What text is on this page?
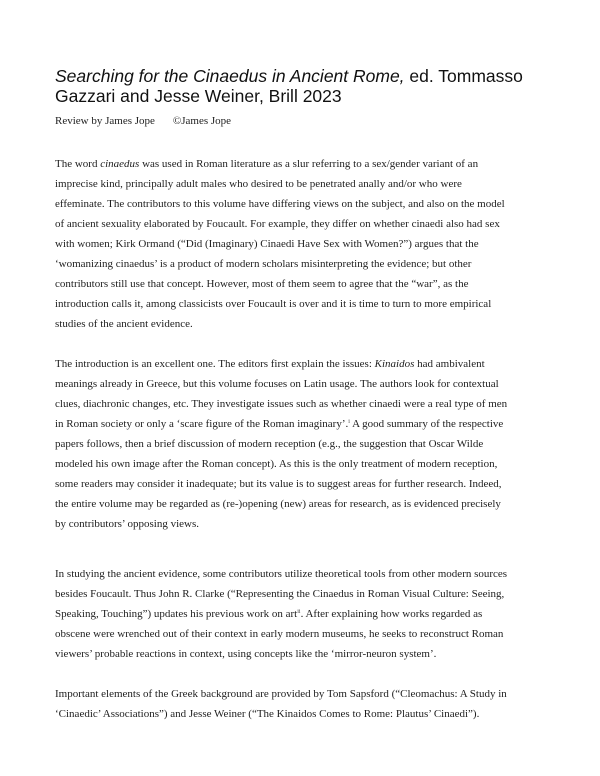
Searching for the Cinaedus in Ancient Rome, ed. Tommasso
Gazzari and Jesse Weiner, Brill 2023
Review by James Jope ©James Jope

The word cinaedus was used in Roman literature as a slur referring to a sex/gender variant of an
imprecise kind, principally adult males who desired to be penetrated anally and/or who were
effeminate. The contributors to this volume have differing views on the subject, and also on the model
of ancient sexuality elaborated by Foucault. For example, they differ on whether cinaedi also had sex
with women; Kirk Ormand (“Did (Imaginary) Cinaedi Have Sex with Women?”) argues that the
‘womanizing cinaedus’ is a product of modern scholars misinterpreting the evidence; but other
contributors still use that concept. However, most of them seem to agree that the “war”, as the
introduction calls it, among classicists over Foucault is over and it is time to turn to more empirical
studies of the ancient evidence.

The introduction is an excellent one. The editors first explain the issues: Kinaidos had ambivalent
meanings already in Greece, but this volume focuses on Latin usage. The authors look for contextual
clues, diachronic changes, etc. They investigate issues such as whether cinaedi were a real type of men
in Roman society or only a ‘scare figure of the Roman imaginary’.$^i$ A good summary of the respective
papers follows, then a brief discussion of modern reception (e.g., the suggestion that Oscar Wilde
modeled his own image after the Roman concept). As this is the only treatment of modern reception,
some readers may consider it inadequate; but its value is to suggest areas for further research. Indeed,
the entire volume may be regarded as (re-)opening (new) areas for research, as is evidenced precisely
by contributors’ opposing views.

In studying the ancient evidence, some contributors utilize theoretical tools from other modern sources
besides Foucault. Thus John R. Clarke (“Representing the Cinaedus in Roman Visual Culture: Seeing,
Speaking, Touching”) updates his previous work on art$^{ii}$. After explaining how works regarded as
obscene were wrenched out of their context in early modern museums, he seeks to reconstruct Roman
viewers’ probable reactions in context, using concepts like the ‘mirror-neuron system’.

Important elements of the Greek background are provided by Tom Sapsford (“Cleomachus: A Study in
‘Cinaedic’ Associations”) and Jesse Weiner (“The Kinaidos Comes to Rome: Plautus’ Cinaedi”).
